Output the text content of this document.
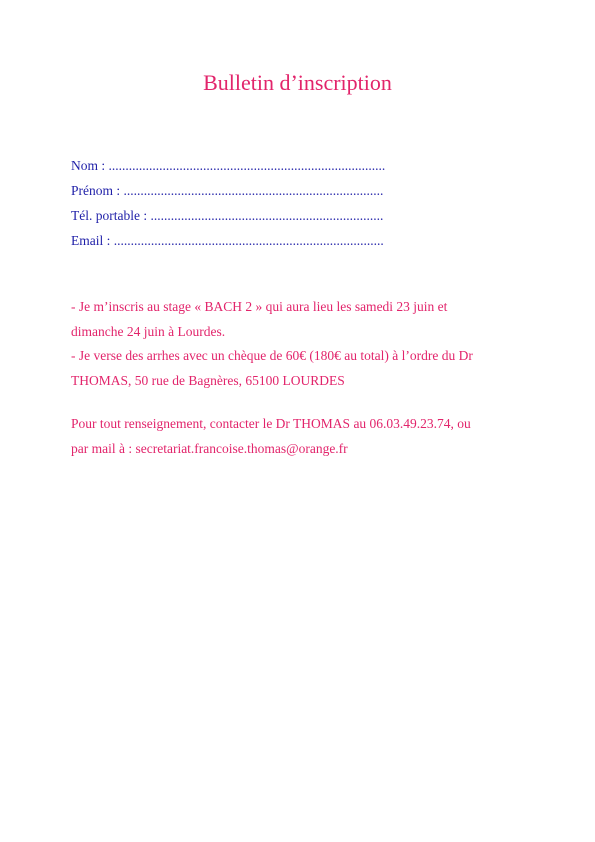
Bulletin d’inscription
Nom : ..................................................................................
Prénom : .............................................................................
Tél. portable : .....................................................................
Email : ................................................................................

- Je m’inscris au stage « BACH 2 » qui aura lieu les samedi 23 juin et
dimanche 24 juin à Lourdes.

- Je verse des arrhes avec un chèque de 60€ (180€ au total) à l’ordre du Dr
THOMAS, 50 rue de Bagnères, 65100 LOURDES

Pour tout renseignement, contacter le Dr THOMAS au 06.03.49.23.74, ou
par mail à : secretariat.francoise.thomas@orange.fr
